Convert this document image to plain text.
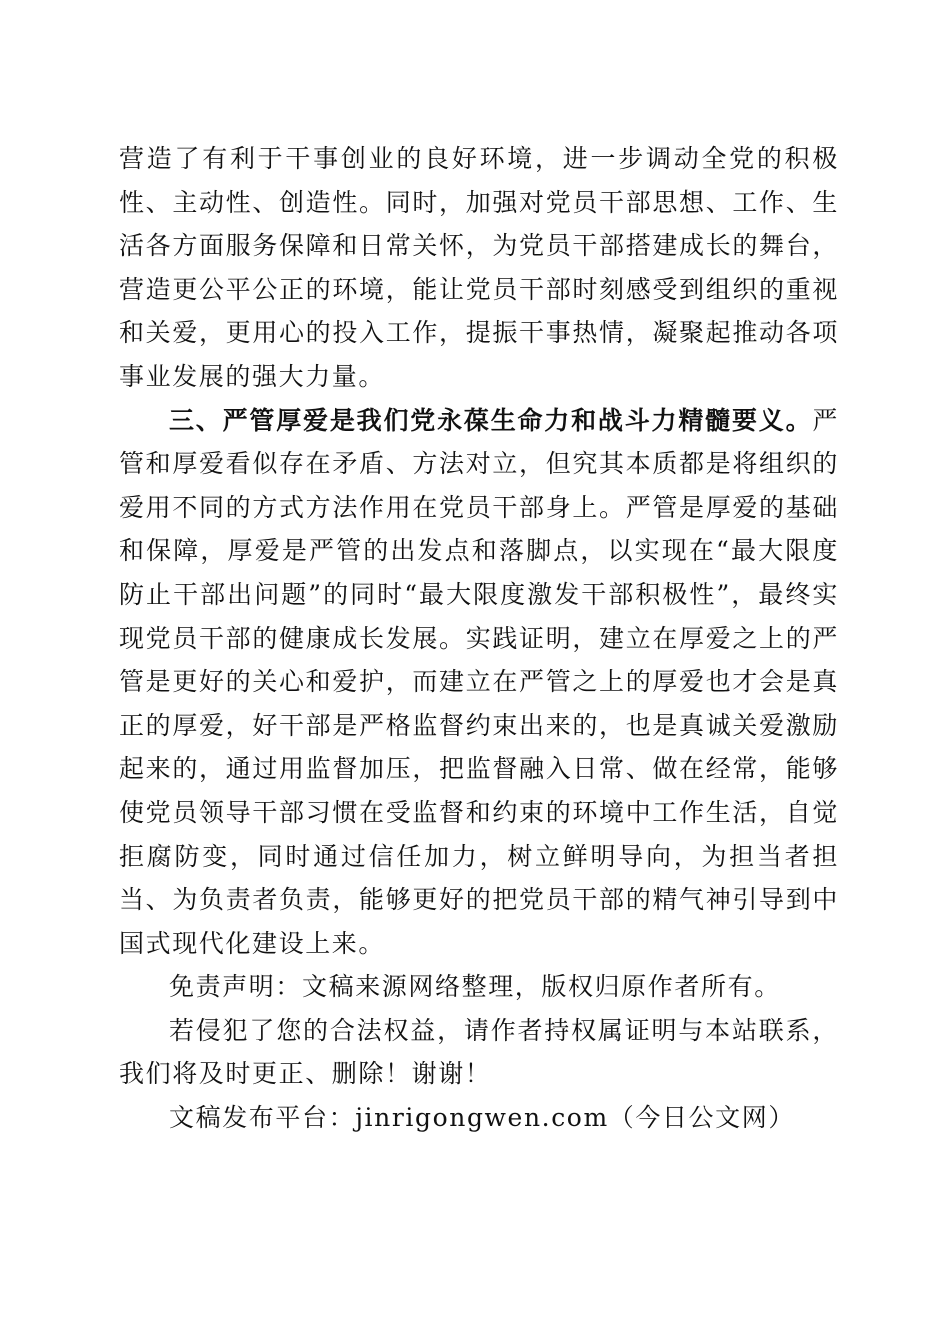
营造了有利于干事创业的良好环境，进一步调动全党的积极性、主动性、创造性。同时，加强对党员干部思想、工作、生活各方面服务保障和日常关怀，为党员干部搭建成长的舞台，营造更公平公正的环境，能让党员干部时刻感受到组织的重视和关爱，更用心的投入工作，提振干事热情，凝聚起推动各项事业发展的强大力量。

三、严管厚爱是我们党永葆生命力和战斗力精髓要义。严管和厚爱看似存在矛盾、方法对立，但究其本质都是将组织的爱用不同的方式方法作用在党员干部身上。严管是厚爱的基础和保障，厚爱是严管的出发点和落脚点，以实现在“最大限度防止干部出问题”的同时“最大限度激发干部积极性”，最终实现党员干部的健康成长发展。实践证明，建立在厚爱之上的严管是更好的关心和爱护，而建立在严管之上的厚爱也才会是真正的厚爱，好干部是严格监督约束出来的，也是真诚关爱激励起来的，通过用监督加压，把监督融入日常、做在经常，能够使党员领导干部习惯在受监督和约束的环境中工作生活，自觉拒腐防变，同时通过信任加力，树立鲜明导向，为担当者担当、为负责者负责，能够更好的把党员干部的精气神引导到中国式现代化建设上来。

免责声明：文稿来源网络整理，版权归原作者所有。

若侵犯了您的合法权益，请作者持权属证明与本站联系，我们将及时更正、删除！谢谢！

文稿发布平台：jinrigongwen.com（今日公文网）
